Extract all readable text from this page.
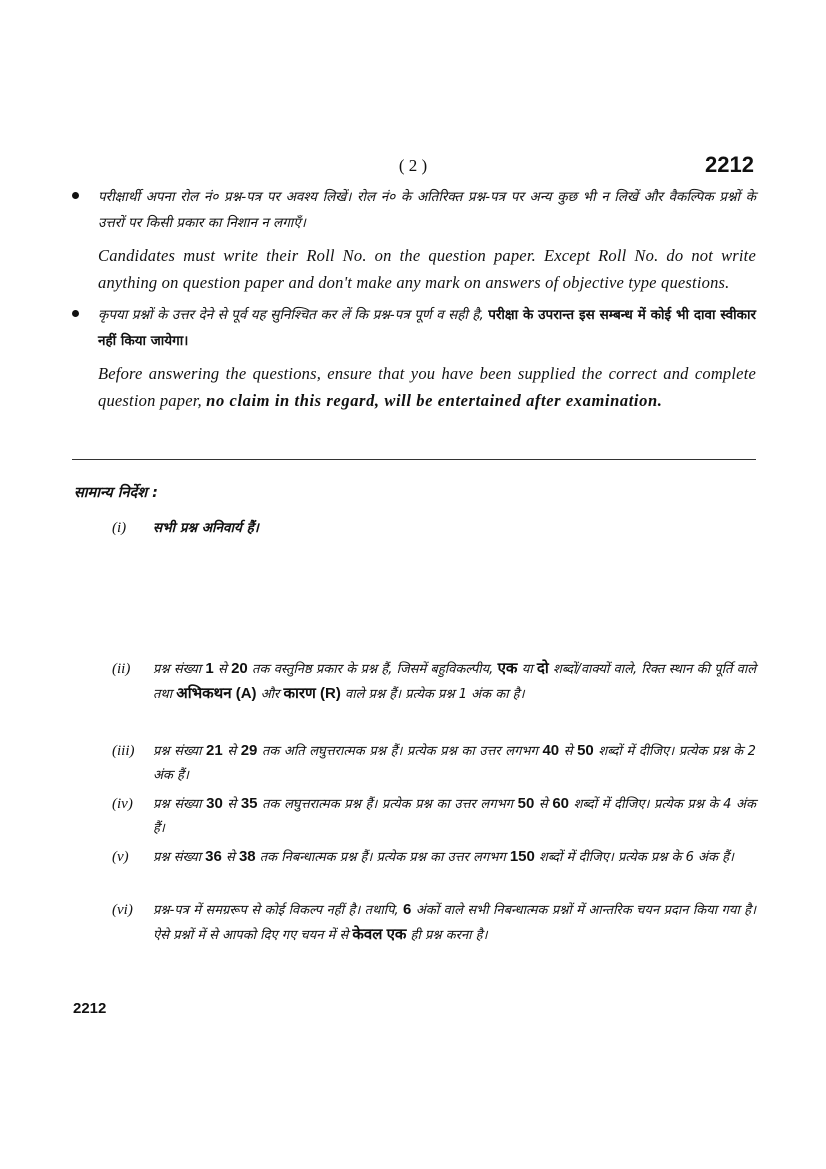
( 2 )	2212

परीक्षार्थी अपना रोल नं० प्रश्न-पत्र पर अवश्य लिखें। रोल नं० के अतिरिक्त प्रश्न-पत्र पर अन्य कुछ भी न लिखें और वैकल्पिक प्रश्नों के उत्तरों पर किसी प्रकार का निशान न लगाएँ।

Candidates must write their Roll No. on the question paper. Except Roll No. do not write anything on question paper and don't make any mark on answers of objective type questions.

कृपया प्रश्नों के उत्तर देने से पूर्व यह सुनिश्चित कर लें कि प्रश्न-पत्र पूर्ण व सही है, परीक्षा के उपरान्त इस सम्बन्ध में कोई भी दावा स्वीकार नहीं किया जायेगा।

Before answering the questions, ensure that you have been supplied the correct and complete question paper, no claim in this regard, will be entertained after examination.

सामान्य निर्देश :
(i) सभी प्रश्न अनिवार्य हैं।
(ii) प्रश्न संख्या 1 से 20 तक वस्तुनिष्ठ प्रकार के प्रश्न हैं, जिसमें बहुविकल्पीय, एक या दो शब्दों/वाक्यों वाले, रिक्त स्थान की पूर्ति वाले तथा अभिकथन (A) और कारण (R) वाले प्रश्न हैं। प्रत्येक प्रश्न 1 अंक का है।
(iii) प्रश्न संख्या 21 से 29 तक अति लघुत्तरात्मक प्रश्न हैं। प्रत्येक प्रश्न का उत्तर लगभग 40 से 50 शब्दों में दीजिए। प्रत्येक प्रश्न के 2 अंक हैं।
(iv) प्रश्न संख्या 30 से 35 तक लघुत्तरात्मक प्रश्न हैं। प्रत्येक प्रश्न का उत्तर लगभग 50 से 60 शब्दों में दीजिए। प्रत्येक प्रश्न के 4 अंक हैं।
(v) प्रश्न संख्या 36 से 38 तक निबन्धात्मक प्रश्न हैं। प्रत्येक प्रश्न का उत्तर लगभग 150 शब्दों में दीजिए। प्रत्येक प्रश्न के 6 अंक हैं।
(vi) प्रश्न-पत्र में समग्ररूप से कोई विकल्प नहीं है। तथापि, 6 अंकों वाले सभी निबन्धात्मक प्रश्नों में आन्तरिक चयन प्रदान किया गया है। ऐसे प्रश्नों में से आपको दिए गए चयन में से केवल एक ही प्रश्न करना है।
2212
